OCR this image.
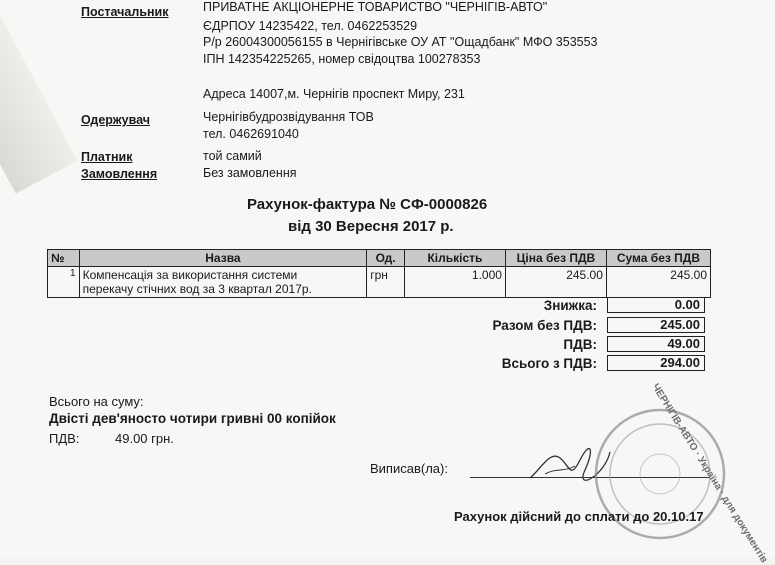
Постачальник	ПРИВАТНЕ АКЦІОНЕРНЕ ТОВАРИСТВО "ЧЕРНІГІВ-АВТО"
ЄДРПОУ 14235422, тел. 0462253529
Р/р 26004300056155 в Чернігівське ОУ АТ "Ощадбанк" МФО 353553
ІПН 142354225265, номер свідоцтва 100278353
Адреса 14007,м. Чернігів проспект Миру, 231
Одержувач	Чернігівбудрозвідування ТОВ
тел. 0462691040
Платник	той самий
Замовлення	Без замовлення
Рахунок-фактура № СФ-0000826
від 30 Вересня 2017 р.
№	Назва	Од.	Кількість	Ціна без ПДВ	Сума без ПДВ
1	Компенсація за використання системи
перекачу стічних вод за 3 квартал 2017р.	грн	1.000	245.00	245.00
Знижка:	0.00
Разом без ПДВ:	245.00
ПДВ:	49.00
Всього з ПДВ:	294.00
Всього на суму:
Двісті дев'яносто чотири гривні 00 копійок
ПДВ:	49.00 грн.
Виписав(ла):	ЧЕРНІГІВ-АВТО · Україна · для документів
Рахунок дійсний до сплати до 20.10.17
